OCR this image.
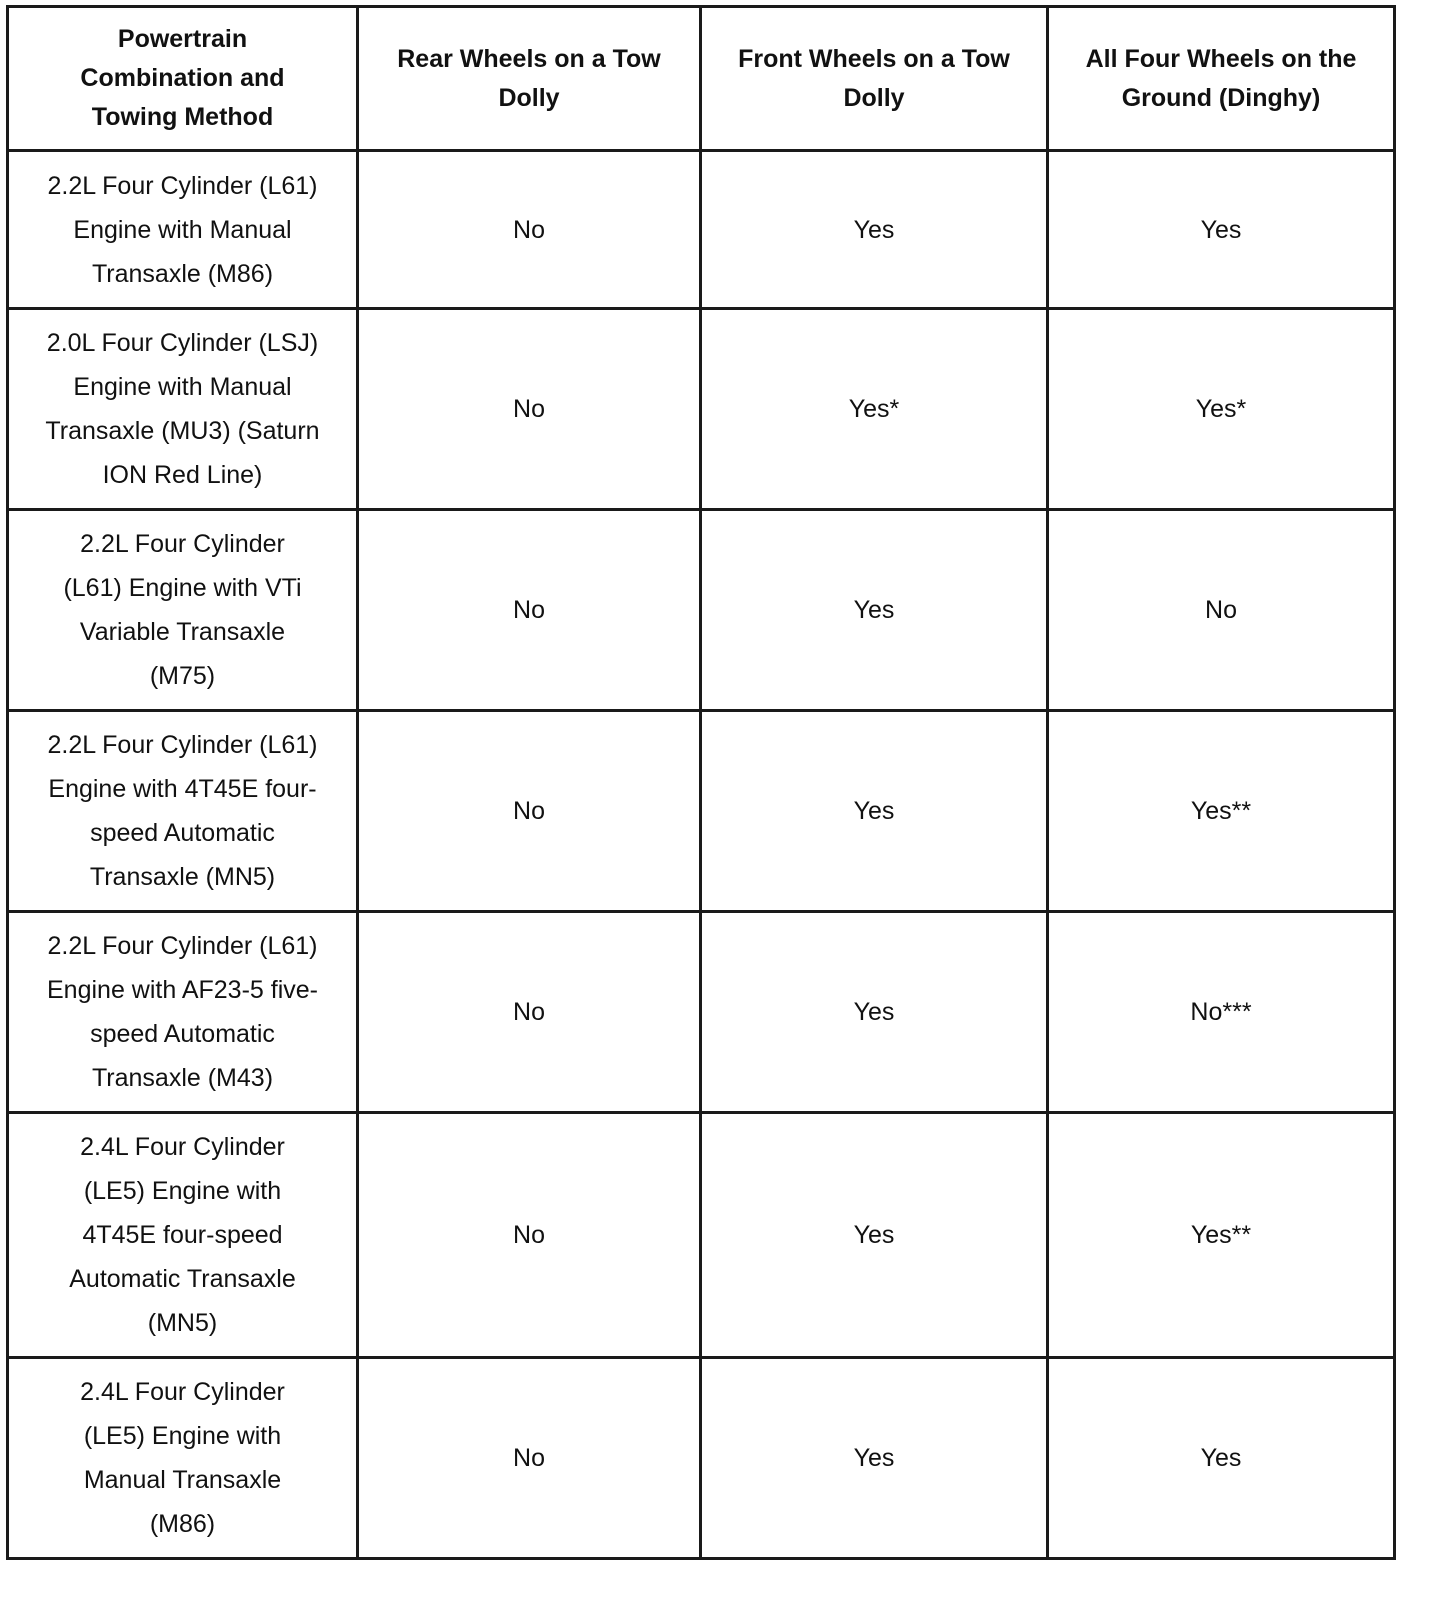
Powertrain Combination and Towing Method	Rear Wheels on a Tow Dolly	Front Wheels on a Tow Dolly	All Four Wheels on the Ground (Dinghy)
2.2L Four Cylinder (L61) Engine with Manual Transaxle (M86)	No	Yes	Yes
2.0L Four Cylinder (LSJ) Engine with Manual Transaxle (MU3) (Saturn ION Red Line)	No	Yes*	Yes*
2.2L Four Cylinder (L61) Engine with VTi Variable Transaxle (M75)	No	Yes	No
2.2L Four Cylinder (L61) Engine with 4T45E four-speed Automatic Transaxle (MN5)	No	Yes	Yes**
2.2L Four Cylinder (L61) Engine with AF23-5 five-speed Automatic Transaxle (M43)	No	Yes	No***
2.4L Four Cylinder (LE5) Engine with 4T45E four-speed Automatic Transaxle (MN5)	No	Yes	Yes**
2.4L Four Cylinder (LE5) Engine with Manual Transaxle (M86)	No	Yes	Yes
